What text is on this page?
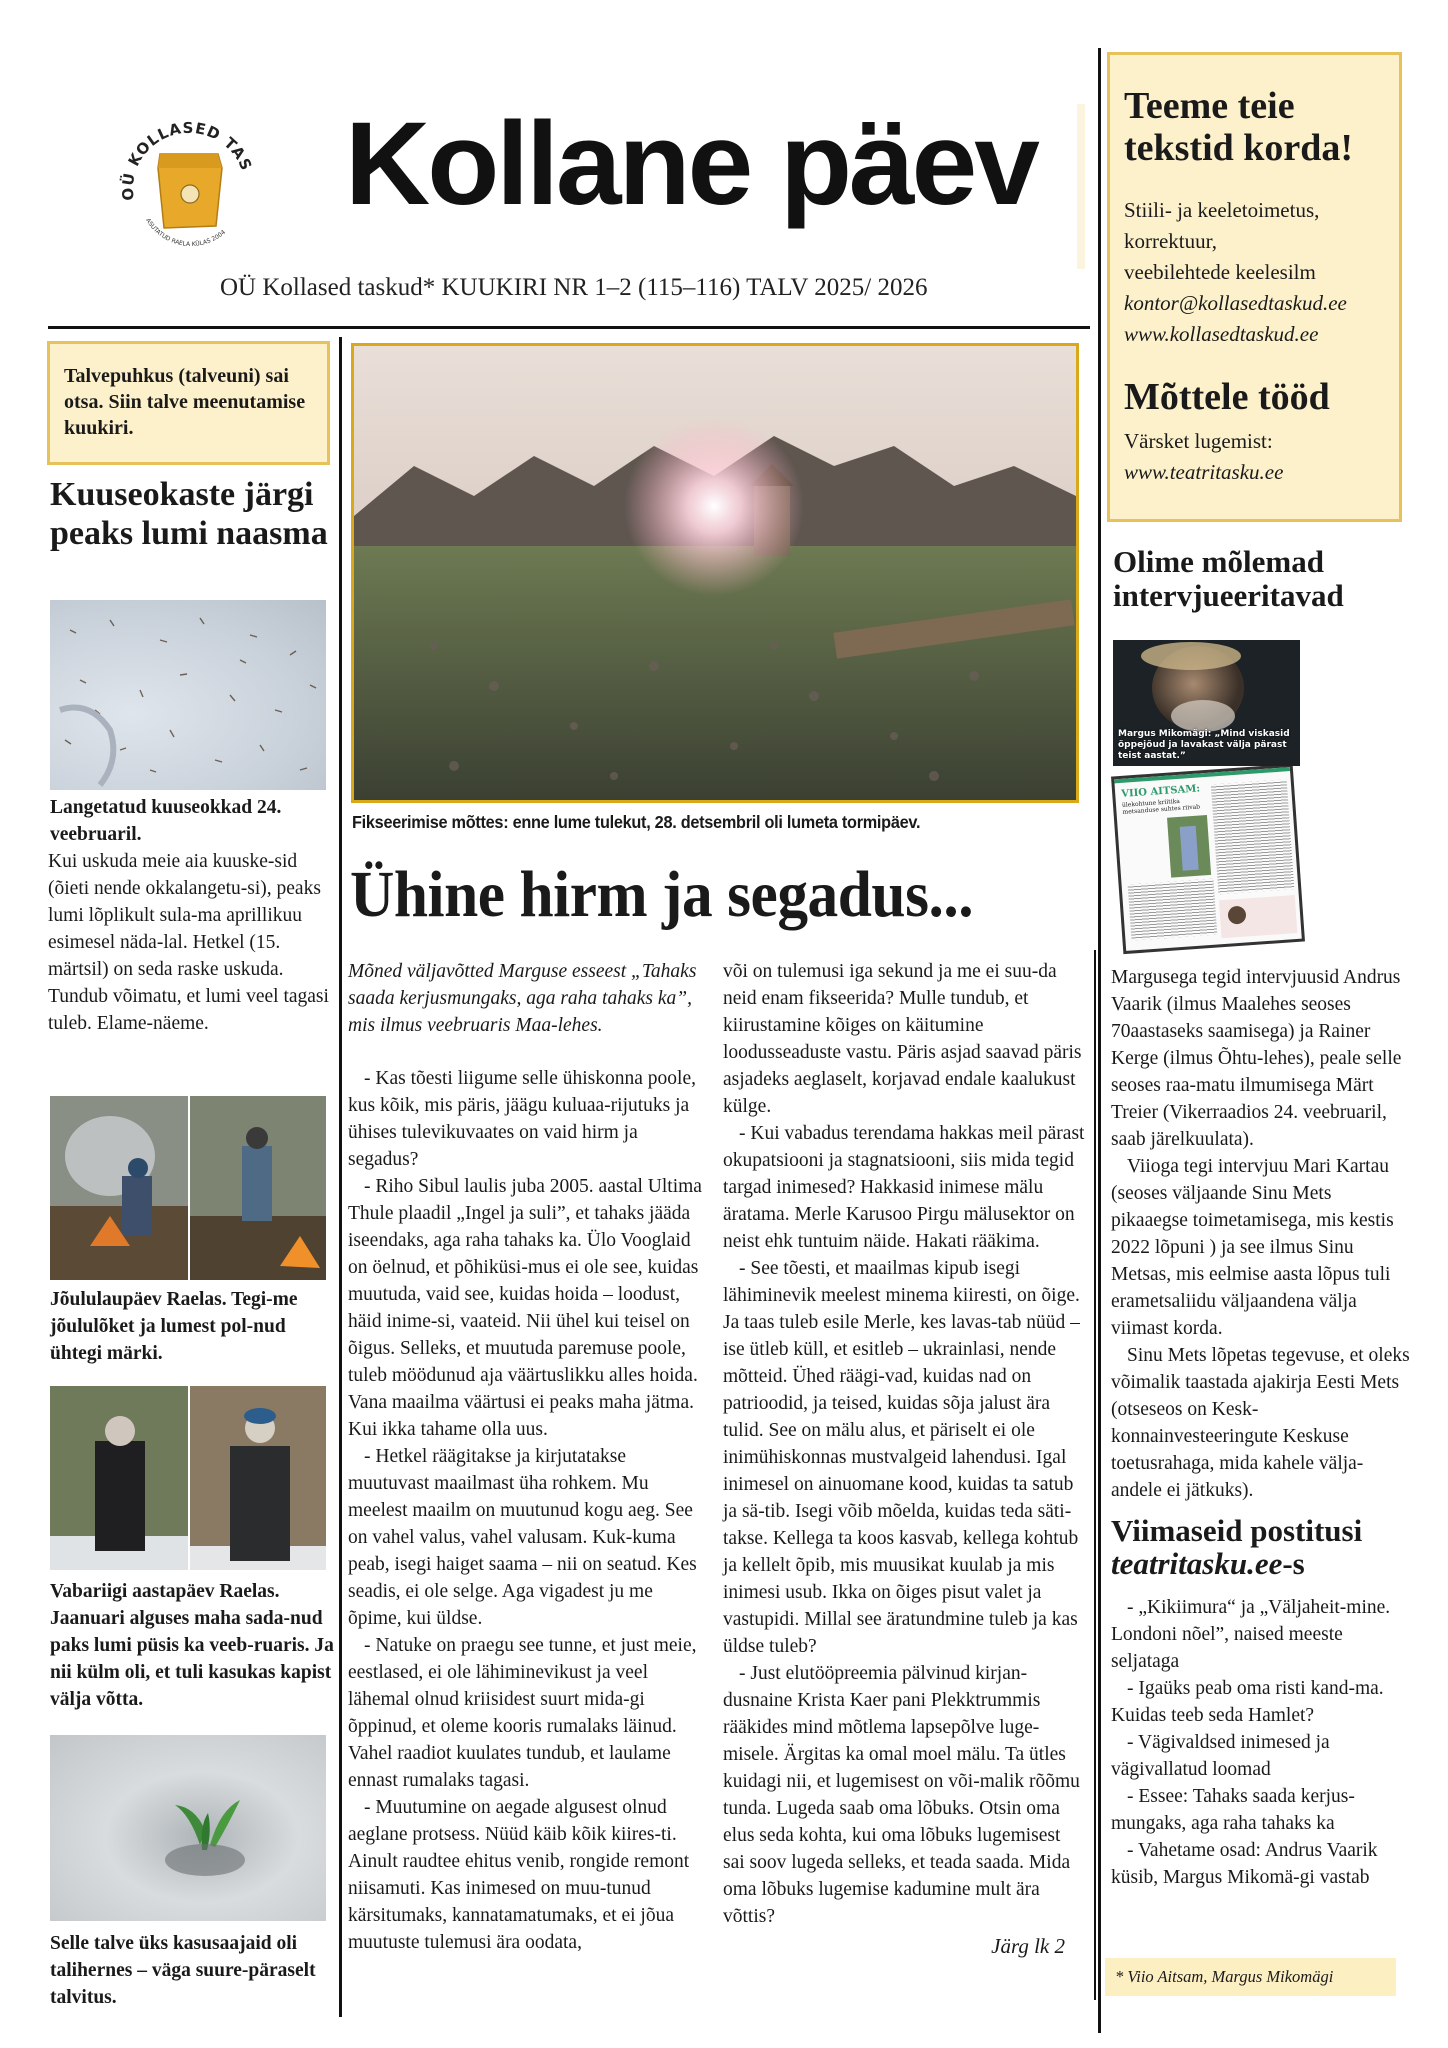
OÜ KOLLASED TAS
ASUTATUD RAELA KÜLAS 2004
Kollane päev
OÜ Kollased taskud* KUUKIRI NR 1–2 (115–116) TALV 2025/ 2026
Teeme teie tekstid korda!
Stiili- ja keeletoimetus,
korrektuur,
veebilehtede keelesilm
kontor@kollasedtaskud.ee
www.kollasedtaskud.ee
Mõttele tööd
Värsket lugemist:
www.teatritasku.ee
Talvepuhkus (talveuni) sai otsa. Siin talve meenutamise kuukiri.
Kuuseokaste järgi peaks lumi naasma
Langetatud kuuseokkad 24. veebruaril.
Kui uskuda meie aia kuuske-sid (õieti nende okkalangetu-si), peaks lumi lõplikult sula-ma aprillikuu esimesel näda-lal. Hetkel (15. märtsil) on seda raske uskuda. Tundub võimatu, et lumi veel tagasi tuleb. Elame-näeme.
Jõululaupäev Raelas. Tegi-me jõululõket ja lumest pol-nud ühtegi märki.
Vabariigi aastapäev Raelas. Jaanuari alguses maha sada-nud paks lumi püsis ka veeb-ruaris. Ja nii külm oli, et tuli kasukas kapist välja võtta.
Selle talve üks kasusaajaid oli talihernes – väga suure-päraselt talvitus.
Fikseerimise mõttes: enne lume tulekut, 28. detsembril oli lumeta tormipäev.
Ühine hirm ja segadus...

Mõned väljavõtted Marguse esseest „Tahaks saada kerjusmungaks, aga raha tahaks ka”, mis ilmus veebruaris Maa-lehes.

- Kas tõesti liigume selle ühiskonna poole, kus kõik, mis päris, jäägu kuluaa-rijutuks ja ühises tulevikuvaates on vaid hirm ja segadus?

- Riho Sibul laulis juba 2005. aastal Ultima Thule plaadil „Ingel ja suli”, et tahaks jääda iseendaks, aga raha tahaks ka. Ülo Vooglaid on öelnud, et põhiküsi-mus ei ole see, kuidas muutuda, vaid see, kuidas hoida – loodust, häid inime-si, vaateid. Nii ühel kui teisel on õigus. Selleks, et muutuda paremuse poole, tuleb möödunud aja väärtuslikku alles hoida. Vana maailma väärtusi ei peaks maha jätma. Kui ikka tahame olla uus.

- Hetkel räägitakse ja kirjutatakse muutuvast maailmast üha rohkem. Mu meelest maailm on muutunud kogu aeg. See on vahel valus, vahel valusam. Kuk-kuma peab, isegi haiget saama – nii on seatud. Kes seadis, ei ole selge. Aga vigadest ju me õpime, kui üldse.

- Natuke on praegu see tunne, et just meie, eestlased, ei ole lähiminevikust ja veel lähemal olnud kriisidest suurt mida-gi õppinud, et oleme kooris rumalaks läinud. Vahel raadiot kuulates tundub, et laulame ennast rumalaks tagasi.

- Muutumine on aegade algusest olnud aeglane protsess. Nüüd käib kõik kiires-ti. Ainult raudtee ehitus venib, rongide remont niisamuti. Kas inimesed on muu-tunud kärsitumaks, kannatamatumaks, et ei jõua muutuste tulemusi ära oodata,

või on tulemusi iga sekund ja me ei suu-da neid enam fikseerida? Mulle tundub, et kiirustamine kõiges on käitumine loodusseaduste vastu. Päris asjad saavad päris asjadeks aeglaselt, korjavad endale kaalukust külge.

- Kui vabadus terendama hakkas meil pärast okupatsiooni ja stagnatsiooni, siis mida tegid targad inimesed? Hakkasid inimese mälu äratama. Merle Karusoo Pirgu mälusektor on neist ehk tuntuim näide. Hakati rääkima.

- See tõesti, et maailmas kipub isegi lähiminevik meelest minema kiiresti, on õige. Ja taas tuleb esile Merle, kes lavas-tab nüüd – ise ütleb küll, et esitleb – ukrainlasi, nende mõtteid. Ühed räägi-vad, kuidas nad on patrioodid, ja teised, kuidas sõja jalust ära tulid. See on mälu alus, et päriselt ei ole inimühiskonnas mustvalgeid lahendusi. Igal inimesel on ainuomane kood, kuidas ta satub ja sä-tib. Isegi võib mõelda, kuidas teda säti-takse. Kellega ta koos kasvab, kellega kohtub ja kellelt õpib, mis muusikat kuulab ja mis inimesi usub. Ikka on õiges pisut valet ja vastupidi. Millal see äratundmine tuleb ja kas üldse tuleb?

- Just elutööpreemia pälvinud kirjan-dusnaine Krista Kaer pani Plekktrummis rääkides mind mõtlema lapsepõlve luge-misele. Ärgitas ka omal moel mälu. Ta ütles kuidagi nii, et lugemisest on või-malik rõõmu tunda. Lugeda saab oma lõbuks. Otsin oma elus seda kohta, kui oma lõbuks lugemisest sai soov lugeda selleks, et teada saada. Mida oma lõbuks lugemise kadumine mult ära võttis?

Järg lk 2
Olime mõlemad intervjueeritavad
VIIO AITSAM:
ülekohtune kriitika metsanduse suhtes riivab
Margus Mikomägi: „Mind viskasid õppejõud ja lavakast välja pärast teist aastat.”

Margusega tegid intervjuusid Andrus Vaarik (ilmus Maalehes seoses 70aastaseks saamisega) ja Rainer Kerge (ilmus Õhtu-lehes), peale selle seoses raa-matu ilmumisega Märt Treier (Vikerraadios 24. veebruaril, saab järelkuulata).

Viioga tegi intervjuu Mari Kartau (seoses väljaande Sinu Mets pikaaegse toimetamisega, mis kestis 2022 lõpuni ) ja see ilmus Sinu Metsas, mis eelmise aasta lõpus tuli erametsaliidu väljaandena välja viimast korda.

Sinu Mets lõpetas tegevuse, et oleks võimalik taastada ajakirja Eesti Mets (otseseos on Kesk-konnainvesteeringute Keskuse toetusrahaga, mida kahele välja-andele ei jätkuks).

Viimaseid postitusi
teatritasku.ee-s

- „Kikiimura“ ja „Väljaheit-mine. Londoni nõel”, naised meeste seljataga

- Igaüks peab oma risti kand-ma. Kuidas teeb seda Hamlet?

- Vägivaldsed inimesed ja vägivallatud loomad

- Essee: Tahaks saada kerjus-mungaks, aga raha tahaks ka

- Vahetame osad: Andrus Vaarik küsib, Margus Mikomä-gi vastab

* Viio Aitsam, Margus Mikomägi
